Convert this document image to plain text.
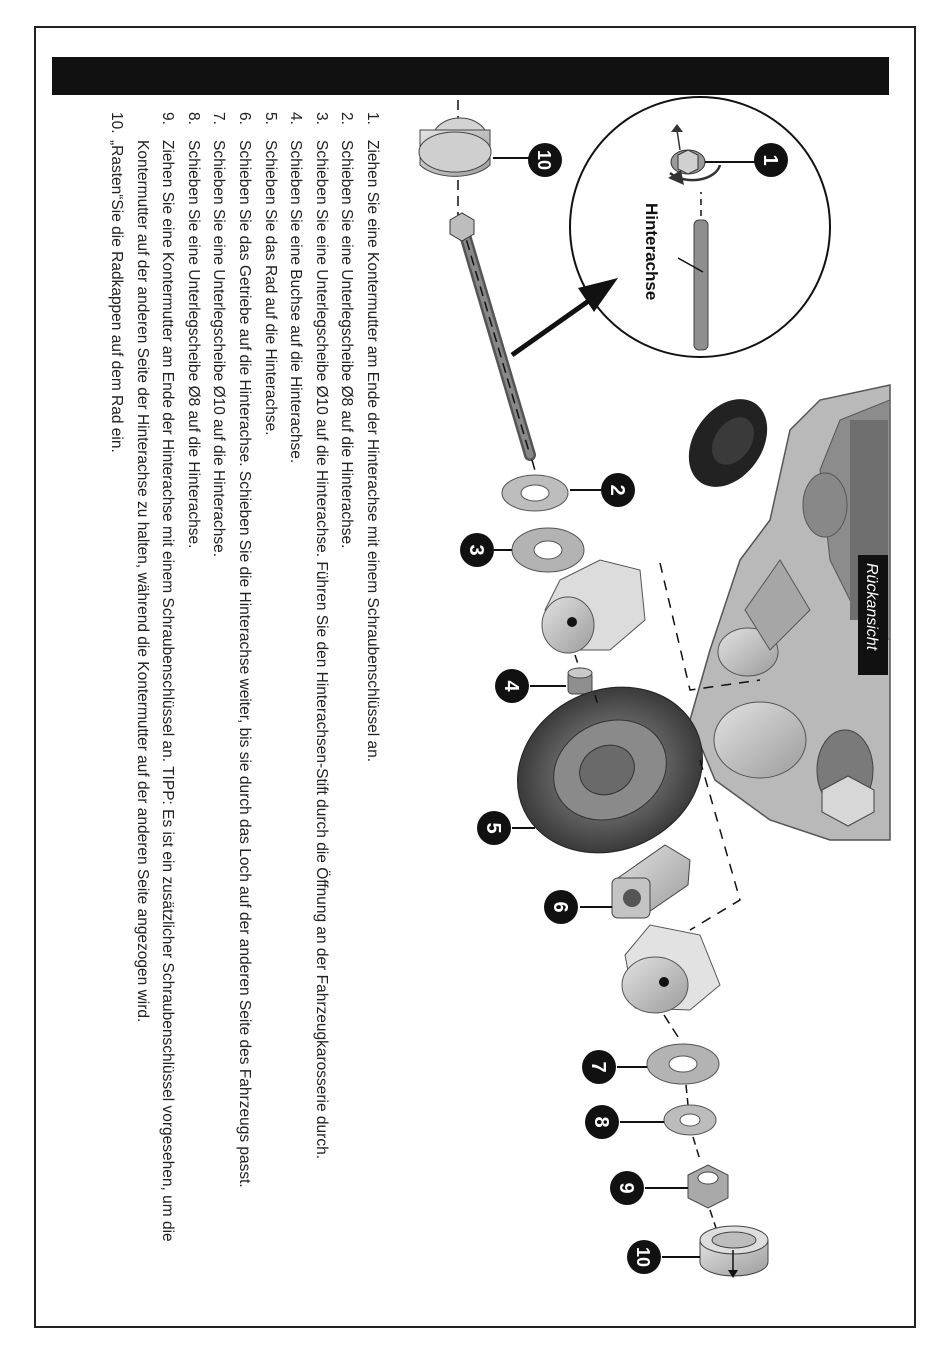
1.
Ziehen Sie eine Kontermutter am Ende der Hinterachse mit einem Schraubenschlüssel an.
2.
Schieben Sie eine Unterlegscheibe Ø8 auf die Hinterachse.
3.
Schieben Sie eine Unterlegscheibe Ø10 auf die Hinterachse. Führen Sie den Hinterachsen-Stift durch die Öffnung an der Fahrzeugkarosserie durch.
4.
Schieben Sie eine Buchse auf die Hinterachse.
5.
Schieben Sie das Rad auf die Hinterachse.
6.
Schieben Sie das Getriebe auf die Hinterachse. Schieben Sie die Hinterachse weiter, bis sie durch das Loch auf der anderen Seite des Fahrzeugs passt.
7.
Schieben Sie eine Unterlegscheibe Ø10 auf die Hinterachse.
8.
Schieben Sie eine Unterlegscheibe Ø8 auf die Hinterachse.
9.
Ziehen Sie eine Kontermutter am Ende der Hinterachse mit einem Schraubenschlüssel an. TIPP: Es ist ein zusätzlicher Schraubenschlüssel vorgesehen, um die Kontermutter auf der anderen Seite der Hinterachse zu halten, während die Kontermutter auf der anderen Seite angezogen wird.
10.
„Rasten“Sie die Radkappen auf dem Rad ein.
Rückansicht
Hinterachse
1
10
2
3
4
5
6
7
8
9
10
